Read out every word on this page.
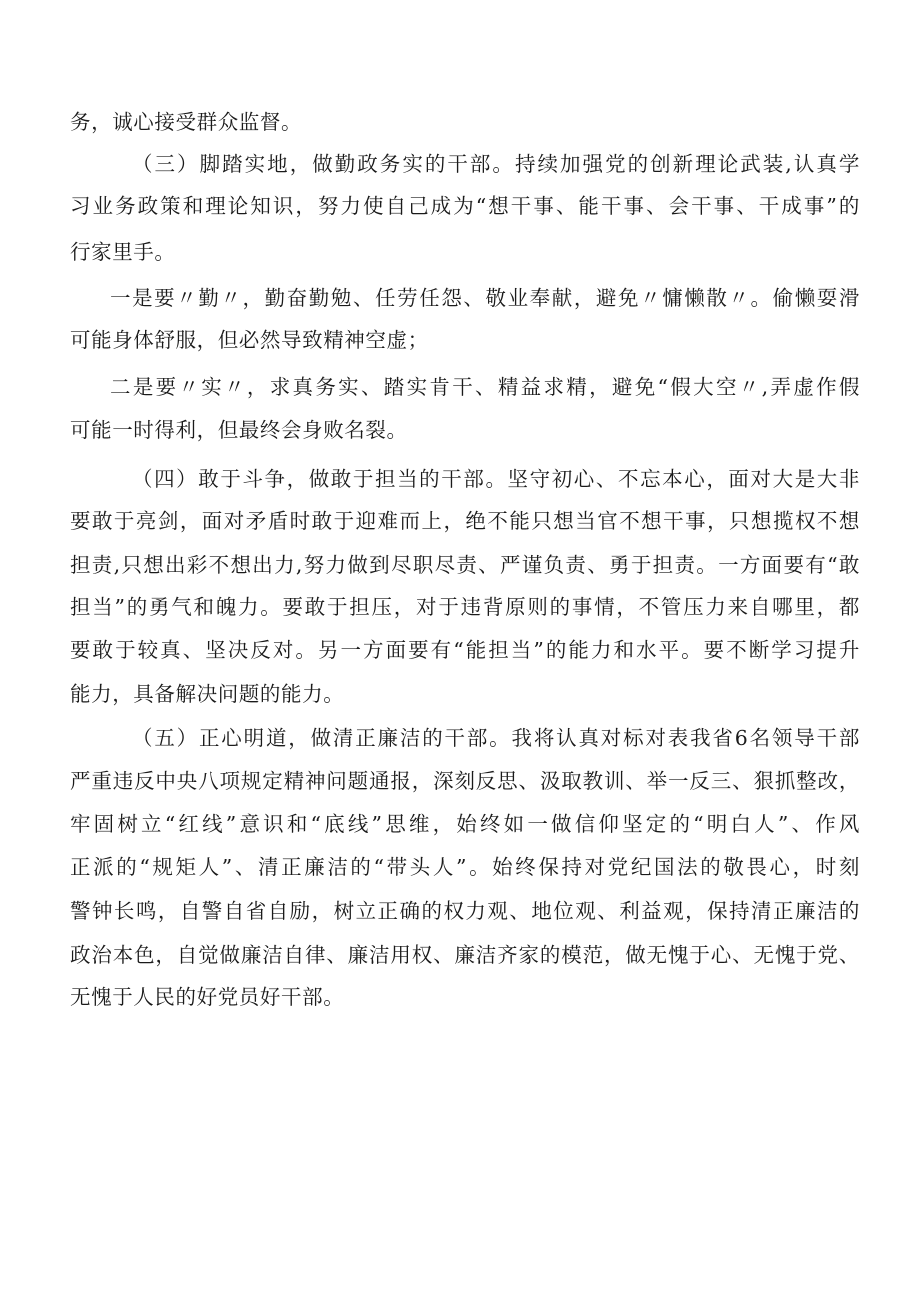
务，诚心接受群众监督。
（三）脚踏实地，做勤政务实的干部。持续加强党的创新理论武装,认真学
习业务政策和理论知识，努力使自己成为“想干事、能干事、会干事、干成事”的
行家里手。
一是要〃勤〃，勤奋勤勉、任劳任怨、敬业奉献，避免〃慵懒散〃。偷懒耍滑
可能身体舒服，但必然导致精神空虚；
二是要〃实〃，求真务实、踏实肯干、精益求精，避免“假大空〃,弄虚作假
可能一时得利，但最终会身败名裂。
（四）敢于斗争，做敢于担当的干部。坚守初心、不忘本心，面对大是大非
要敢于亮剑，面对矛盾时敢于迎难而上，绝不能只想当官不想干事，只想揽权不想
担责,只想出彩不想出力,努力做到尽职尽责、严谨负责、勇于担责。一方面要有“敢
担当”的勇气和魄力。要敢于担压，对于违背原则的事情，不管压力来自哪里，都
要敢于较真、坚决反对。另一方面要有“能担当”的能力和水平。要不断学习提升
能力，具备解决问题的能力。
（五）正心明道，做清正廉洁的干部。我将认真对标对表我省6名领导干部
严重违反中央八项规定精神问题通报，深刻反思、汲取教训、举一反三、狠抓整改，
牢固树立“红线”意识和“底线”思维，始终如一做信仰坚定的“明白人”、作风
正派的“规矩人”、清正廉洁的“带头人”。始终保持对党纪国法的敬畏心，时刻
警钟长鸣，自警自省自励，树立正确的权力观、地位观、利益观，保持清正廉洁的
政治本色，自觉做廉洁自律、廉洁用权、廉洁齐家的模范，做无愧于心、无愧于党、
无愧于人民的好党员好干部。
